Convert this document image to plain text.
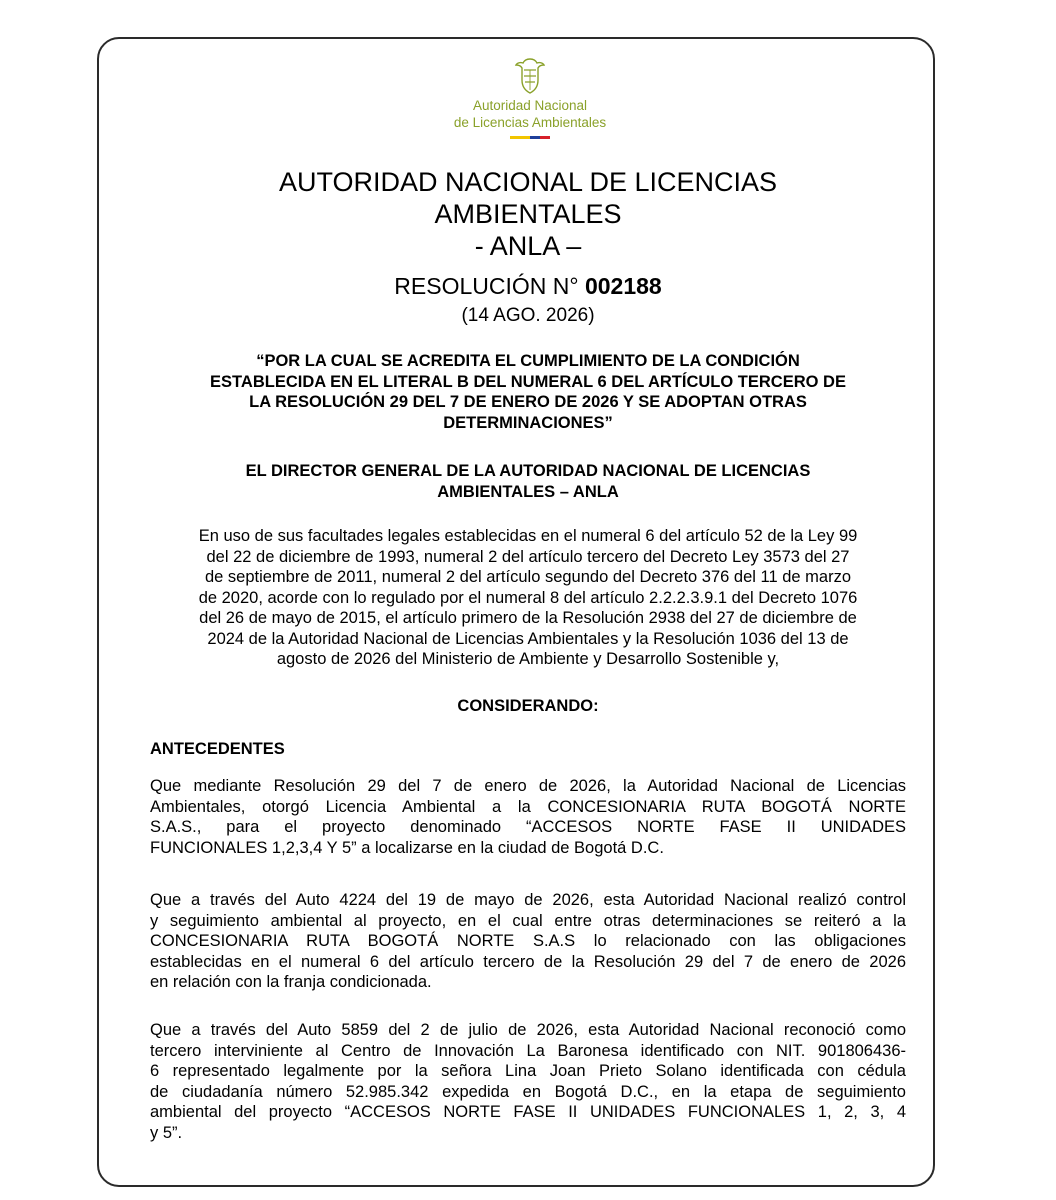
Autoridad Nacional
de Licencias Ambientales
AUTORIDAD NACIONAL DE LICENCIAS
AMBIENTALES
- ANLA –
RESOLUCIÓN N° 002188
(14 AGO. 2026)
“POR LA CUAL SE ACREDITA EL CUMPLIMIENTO DE LA CONDICIÓN
ESTABLECIDA EN EL LITERAL B DEL NUMERAL 6 DEL ARTÍCULO TERCERO DE
LA RESOLUCIÓN 29 DEL 7 DE ENERO DE 2026 Y SE ADOPTAN OTRAS
DETERMINACIONES”
EL DIRECTOR GENERAL DE LA AUTORIDAD NACIONAL DE LICENCIAS
AMBIENTALES – ANLA
En uso de sus facultades legales establecidas en el numeral 6 del artículo 52 de la Ley 99
del 22 de diciembre de 1993, numeral 2 del artículo tercero del Decreto Ley 3573 del 27
de septiembre de 2011, numeral 2 del artículo segundo del Decreto 376 del 11 de marzo
de 2020, acorde con lo regulado por el numeral 8 del artículo 2.2.2.3.9.1 del Decreto 1076
del 26 de mayo de 2015, el artículo primero de la Resolución 2938 del 27 de diciembre de
2024 de la Autoridad Nacional de Licencias Ambientales y la Resolución 1036 del 13 de
agosto de 2026 del Ministerio de Ambiente y Desarrollo Sostenible y,
CONSIDERANDO:
ANTECEDENTES
Que mediante Resolución 29 del 7 de enero de 2026, la Autoridad Nacional de Licencias
Ambientales, otorgó Licencia Ambiental a la CONCESIONARIA RUTA BOGOTÁ NORTE
S.A.S., para el proyecto denominado “ACCESOS NORTE FASE II UNIDADES
FUNCIONALES 1,2,3,4 Y 5” a localizarse en la ciudad de Bogotá D.C.
Que a través del Auto 4224 del 19 de mayo de 2026, esta Autoridad Nacional realizó control
y seguimiento ambiental al proyecto, en el cual entre otras determinaciones se reiteró a la
CONCESIONARIA RUTA BOGOTÁ NORTE S.A.S lo relacionado con las obligaciones
establecidas en el numeral 6 del artículo tercero de la Resolución 29 del 7 de enero de 2026
en relación con la franja condicionada.
Que a través del Auto 5859 del 2 de julio de 2026, esta Autoridad Nacional reconoció como
tercero interviniente al Centro de Innovación La Baronesa identificado con NIT. 901806436-
6 representado legalmente por la señora Lina Joan Prieto Solano identificada con cédula
de ciudadanía número 52.985.342 expedida en Bogotá D.C., en la etapa de seguimiento
ambiental del proyecto “ACCESOS NORTE FASE II UNIDADES FUNCIONALES 1, 2, 3, 4
y 5”.
